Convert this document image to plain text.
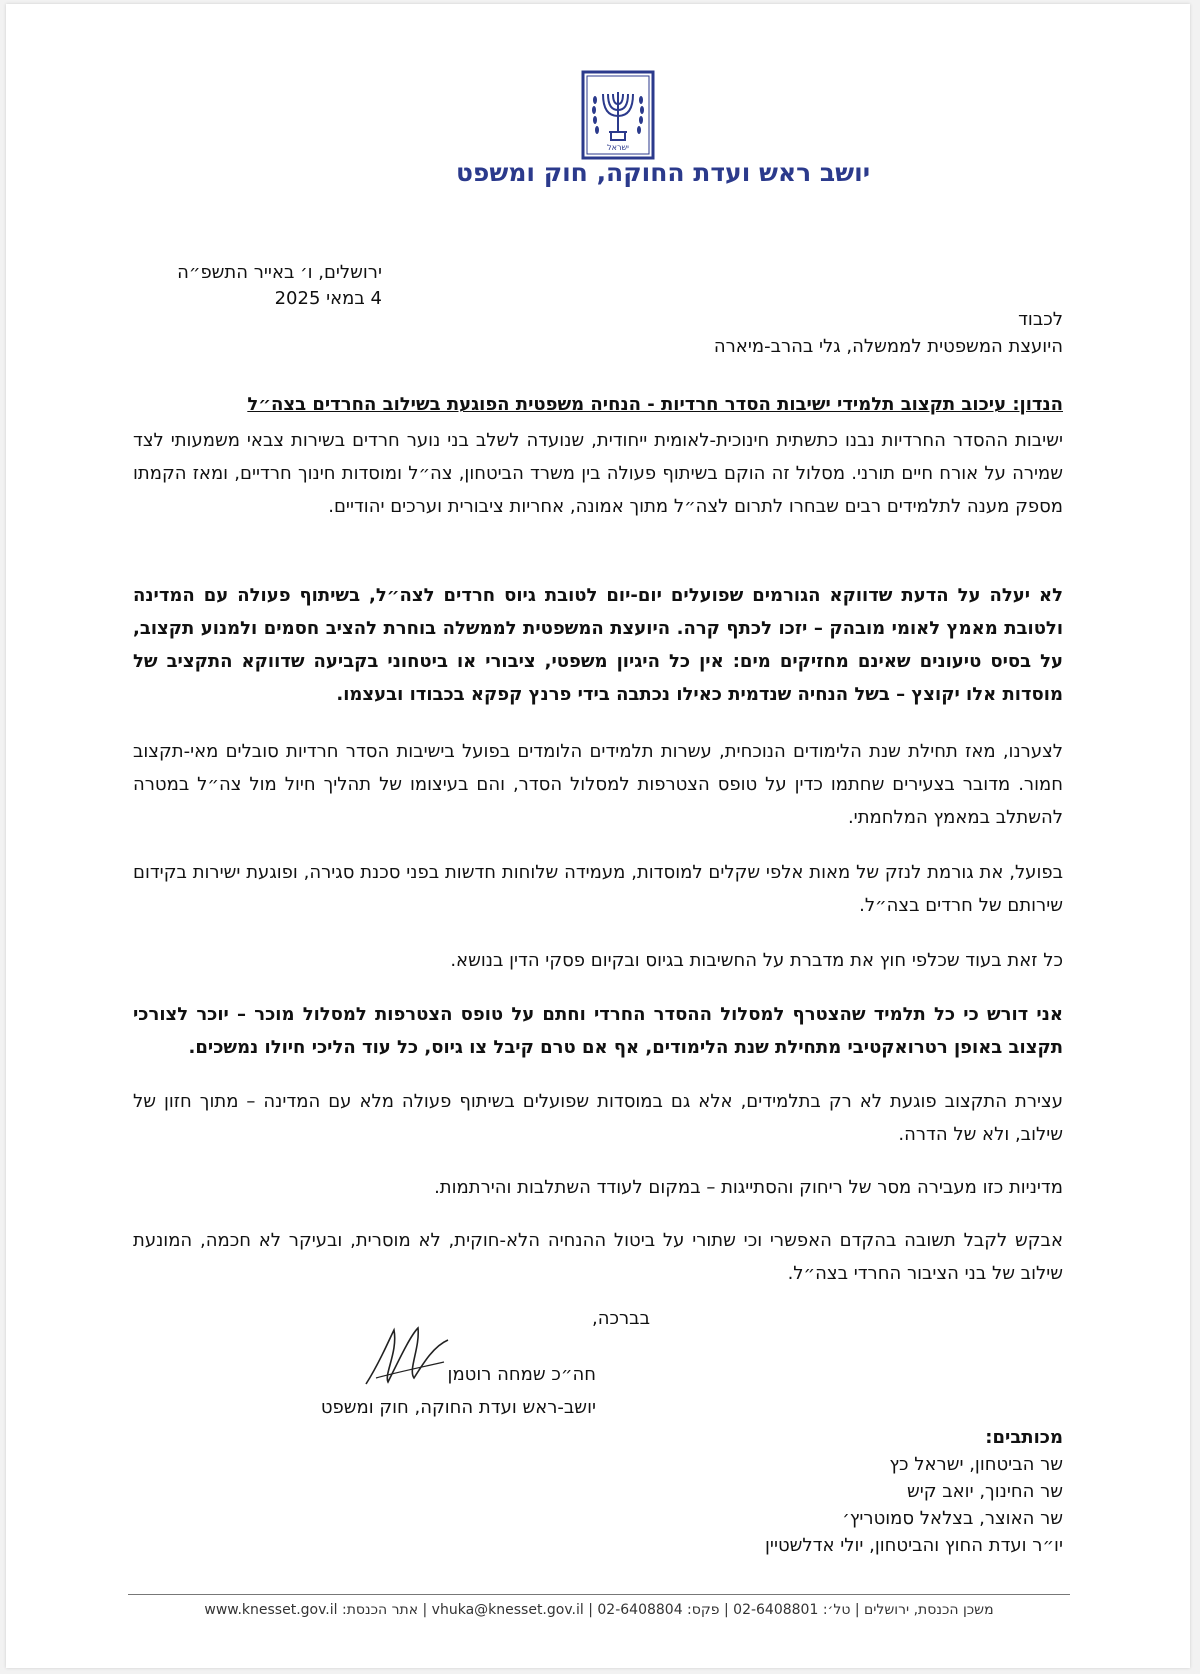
ישראל
יושב ראש ועדת החוקה, חוק ומשפט
ירושלים, ו׳ באייר התשפ״ה
4 במאי 2025
לכבוד
היועצת המשפטית לממשלה, גלי בהרב-מיארה
הנדון: עיכוב תקצוב תלמידי ישיבות הסדר חרדיות - הנחיה משפטית הפוגעת בשילוב החרדים בצה״ל
ישיבות ההסדר החרדיות נבנו כתשתית חינוכית-לאומית ייחודית, שנועדה לשלב בני נוער חרדים בשירות צבאי משמעותי לצד שמירה על אורח חיים תורני. מסלול זה הוקם בשיתוף פעולה בין משרד הביטחון, צה״ל ומוסדות חינוך חרדיים, ומאז הקמתו מספק מענה לתלמידים רבים שבחרו לתרום לצה״ל מתוך אמונה, אחריות ציבורית וערכים יהודיים.
לא יעלה על הדעת שדווקא הגורמים שפועלים יום-יום לטובת גיוס חרדים לצה״ל, בשיתוף פעולה עם המדינה ולטובת מאמץ לאומי מובהק – יזכו לכתף קרה. היועצת המשפטית לממשלה בוחרת להציב חסמים ולמנוע תקצוב, על בסיס טיעונים שאינם מחזיקים מים: אין כל היגיון משפטי, ציבורי או ביטחוני בקביעה שדווקא התקציב של מוסדות אלו יקוצץ – בשל הנחיה שנדמית כאילו נכתבה בידי פרנץ קפקא בכבודו ובעצמו.
לצערנו, מאז תחילת שנת הלימודים הנוכחית, עשרות תלמידים הלומדים בפועל בישיבות הסדר חרדיות סובלים מאי-תקצוב חמור. מדובר בצעירים שחתמו כדין על טופס הצטרפות למסלול הסדר, והם בעיצומו של תהליך חיול מול צה״ל במטרה להשתלב במאמץ המלחמתי.
בפועל, את גורמת לנזק של מאות אלפי שקלים למוסדות, מעמידה שלוחות חדשות בפני סכנת סגירה, ופוגעת ישירות בקידום שירותם של חרדים בצה״ל.
כל זאת בעוד שכלפי חוץ את מדברת על החשיבות בגיוס ובקיום פסקי הדין בנושא.
אני דורש כי כל תלמיד שהצטרף למסלול ההסדר החרדי וחתם על טופס הצטרפות למסלול מוכר – יוכר לצורכי תקצוב באופן רטרואקטיבי מתחילת שנת הלימודים, אף אם טרם קיבל צו גיוס, כל עוד הליכי חיולו נמשכים.
עצירת התקצוב פוגעת לא רק בתלמידים, אלא גם במוסדות שפועלים בשיתוף פעולה מלא עם המדינה – מתוך חזון של שילוב, ולא של הדרה.
מדיניות כזו מעבירה מסר של ריחוק והסתייגות – במקום לעודד השתלבות והירתמות.
אבקש לקבל תשובה בהקדם האפשרי וכי שתורי על ביטול ההנחיה הלא-חוקית, לא מוסרית, ובעיקר לא חכמה, המונעת שילוב של בני הציבור החרדי בצה״ל.
בברכה,
חה״כ שמחה רוטמן
יושב-ראש ועדת החוקה, חוק ומשפט
מכותבים:
שר הביטחון, ישראל כץ
שר החינוך, יואב קיש
שר האוצר, בצלאל סמוטריץ׳
יו״ר ועדת החוץ והביטחון, יולי אדלשטיין
משכן הכנסת, ירושלים | טל׳: 02-6408801 | פקס: 02-6408804 | vhuka@knesset.gov.il | אתר הכנסת: www.knesset.gov.il
